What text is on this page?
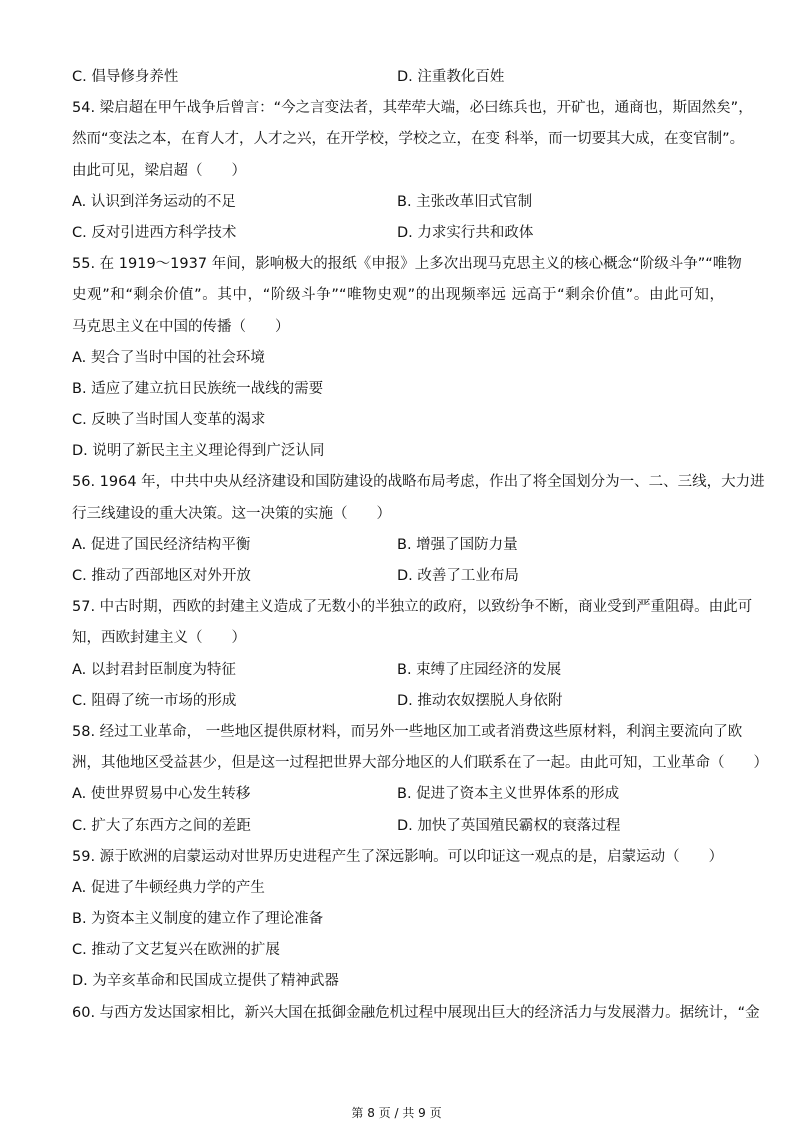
C. 倡导修身养性	D. 注重教化百姓
54. 梁启超在甲午战争后曾言：“今之言变法者，其荦荦大端，必曰练兵也，开矿也，通商也，斯固然矣”，
然而“变法之本，在育人才，人才之兴，在开学校，学校之立，在变 科举，而一切要其大成，在变官制”。
由此可见，梁启超（　　）
A. 认识到洋务运动的不足	B. 主张改革旧式官制
C. 反对引进西方科学技术	D. 力求实行共和政体
55. 在 1919～1937 年间，影响极大的报纸《申报》上多次出现马克思主义的核心概念“阶级斗争”“唯物
史观”和“剩余价值”。其中，“阶级斗争”“唯物史观”的出现频率远 远高于“剩余价值”。由此可知，
马克思主义在中国的传播（　　）
A. 契合了当时中国的社会环境
B. 适应了建立抗日民族统一战线的需要
C. 反映了当时国人变革的渴求
D. 说明了新民主主义理论得到广泛认同
56. 1964 年，中共中央从经济建设和国防建设的战略布局考虑，作出了将全国划分为一、二、三线，大力进
行三线建设的重大决策。这一决策的实施（　　）
A. 促进了国民经济结构平衡	B. 增强了国防力量
C. 推动了西部地区对外开放	D. 改善了工业布局
57. 中古时期，西欧的封建主义造成了无数小的半独立的政府，以致纷争不断，商业受到严重阻碍。由此可
知，西欧封建主义（　　）
A. 以封君封臣制度为特征	B. 束缚了庄园经济的发展
C. 阻碍了统一市场的形成	D. 推动农奴摆脱人身依附
58. 经过工业革命， 一些地区提供原材料，而另外一些地区加工或者消费这些原材料，利润主要流向了欧
洲，其他地区受益甚少，但是这一过程把世界大部分地区的人们联系在了一起。由此可知，工业革命（　　）
A. 使世界贸易中心发生转移	B. 促进了资本主义世界体系的形成
C. 扩大了东西方之间的差距	D. 加快了英国殖民霸权的衰落过程
59. 源于欧洲的启蒙运动对世界历史进程产生了深远影响。可以印证这一观点的是，启蒙运动（　　）
A. 促进了牛顿经典力学的产生
B. 为资本主义制度的建立作了理论准备
C. 推动了文艺复兴在欧洲的扩展
D. 为辛亥革命和民国成立提供了精神武器
60. 与西方发达国家相比，新兴大国在抵御金融危机过程中展现出巨大的经济活力与发展潜力。据统计，“金
第 8 页 / 共 9 页
